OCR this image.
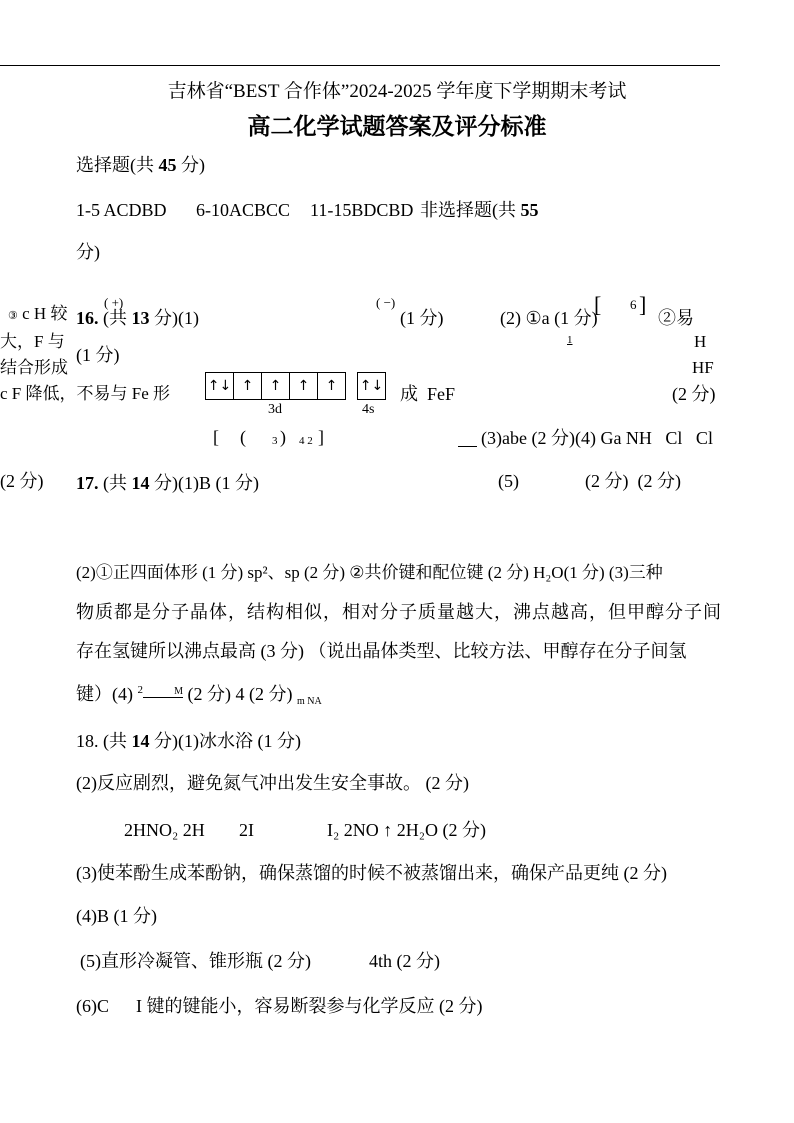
吉林省“BEST 合作体”2024-2025 学年度下学期期末考试
高二化学试题答案及评分标准
选择题(共 45 分)
1-5 ACDBD 6-10ACBCC 11-15BDCBD 非选择题(共 55
分)
③ c H 较
( +)
16. (共 13 分)(1)
( −)
(1 分)	(2) ①a (1 分)
[ 6 ]
②易
1	H
大，F 与
(1 分)
结合形成	HF
c F 降低，不易与 Fe 形	↑↓ ↑	↑	↑	↑	↑↓
3d	4s
成  FeF	(2 分)
[ ( 3 ) 4 2 ]	(3)abe (2 分)(4) Ga NH   Cl   Cl
(2 分) 17. (共 14 分)(1)B (1 分)	(5)	(2 分)  (2 分)
(2)①正四面体形 (1 分) sp²、sp (2 分) ②共价键和配位键 (2 分) H₂O(1 分) (3)三种
物质都是分子晶体，结构相似，相对分子质量越大，沸点越高，但甲醇分子间
存在氢键所以沸点最高 (3 分) （说出晶体类型、比较方法、甲醇存在分子间氢
键）(4) $^2$	M (2 分) 4 (2 分) $_{m NA}$
18. (共 14 分)(1)冰水浴 (1 分)
(2)反应剧烈，避免氮气冲出发生安全事故。 (2 分)
2HNO₂ 2H 2I	I₂ 2NO ↑ 2H₂O (2 分)
(3)使苯酚生成苯酚钠，确保蒸馏的时候不被蒸馏出来，确保产品更纯 (2 分)
(4)B (1 分)
(5)直形冷凝管、锥形瓶 (2 分)	4th (2 分)
(6)C I 键的键能小，容易断裂参与化学反应 (2 分)
